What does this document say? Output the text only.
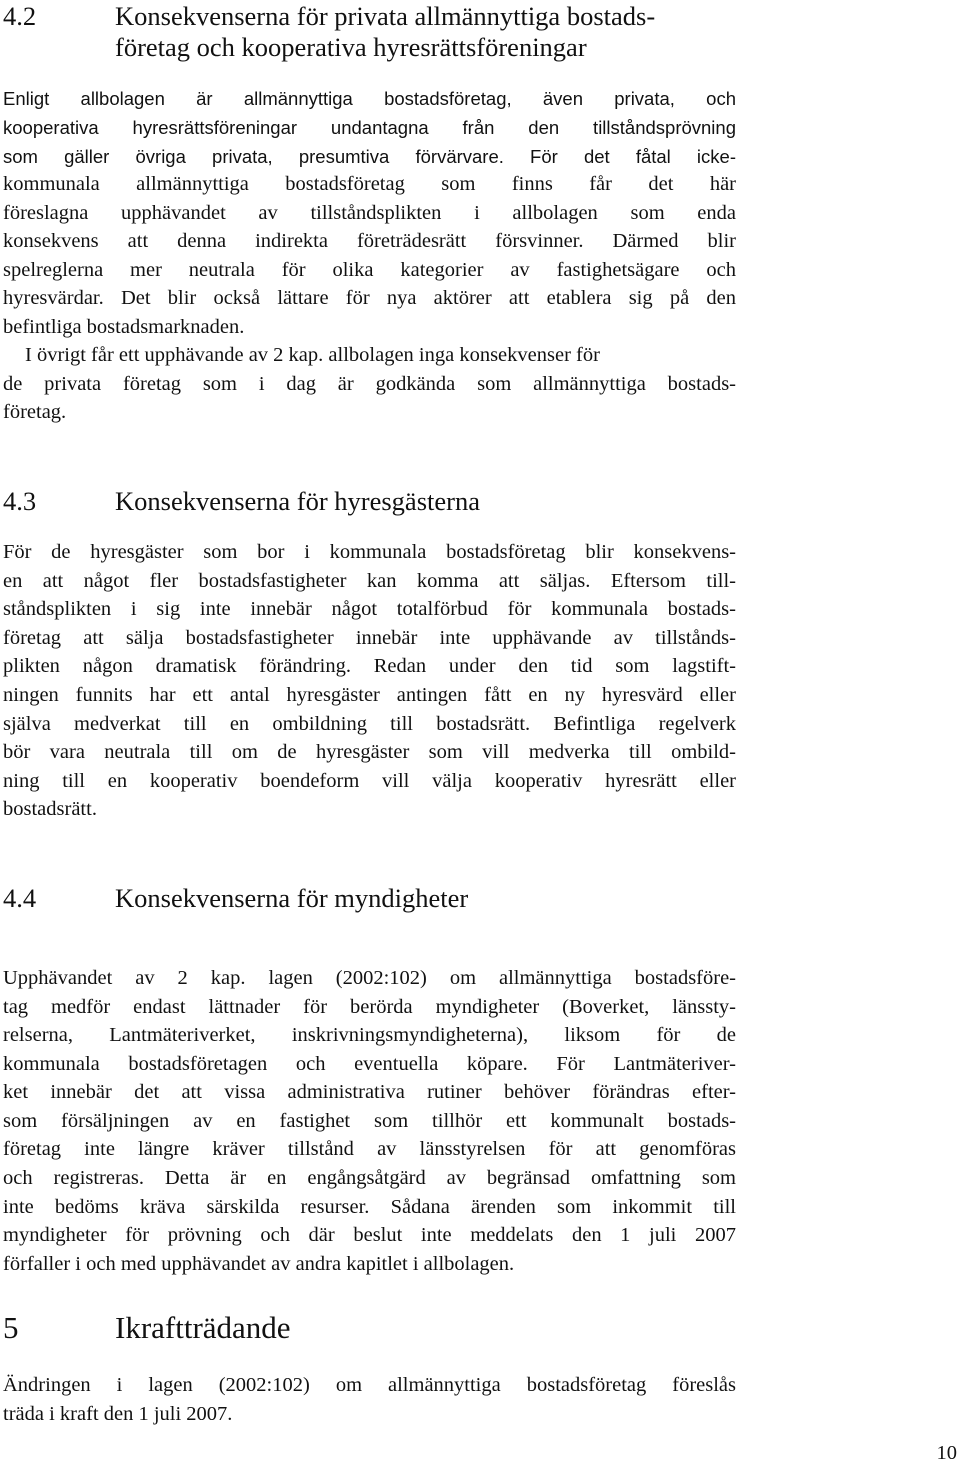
4.2	Konsekvenserna för privata allmännyttiga bostads-
företag och kooperativa hyresrättsföreningar

Enligt allbolagen är allmännyttiga bostadsföretag, även privata, och

kooperativa hyresrättsföreningar undantagna från den tillståndsprövning

som gäller övriga privata, presumtiva förvärvare. För det fåtal icke-

kommunala allmännyttiga bostadsföretag som finns får det här

föreslagna upphävandet av tillståndsplikten i allbolagen som enda

konsekvens att denna indirekta företrädesrätt försvinner. Därmed blir

spelreglerna mer neutrala för olika kategorier av fastighetsägare och

hyresvärdar. Det blir också lättare för nya aktörer att etablera sig på den

befintliga bostadsmarknaden.

I övrigt får ett upphävande av 2 kap. allbolagen inga konsekvenser för

de privata företag som i dag är godkända som allmännyttiga bostads-

företag.

4.3	Konsekvenserna för hyresgästerna

För de hyresgäster som bor i kommunala bostadsföretag blir konsekvens-

en att något fler bostadsfastigheter kan komma att säljas. Eftersom till-

ståndsplikten i sig inte innebär något totalförbud för kommunala bostads-

företag att sälja bostadsfastigheter innebär inte upphävande av tillstånds-

plikten någon dramatisk förändring. Redan under den tid som lagstift-

ningen funnits har ett antal hyresgäster antingen fått en ny hyresvärd eller

själva medverkat till en ombildning till bostadsrätt. Befintliga regelverk

bör vara neutrala till om de hyresgäster som vill medverka till ombild-

ning till en kooperativ boendeform vill välja kooperativ hyresrätt eller

bostadsrätt.

4.4	Konsekvenserna för myndigheter

Upphävandet av 2 kap. lagen (2002:102) om allmännyttiga bostadsföre-

tag medför endast lättnader för berörda myndigheter (Boverket, länssty-

relserna, Lantmäteriverket, inskrivningsmyndigheterna), liksom för de

kommunala bostadsföretagen och eventuella köpare. För Lantmäteriver-

ket innebär det att vissa administrativa rutiner behöver förändras efter-

som försäljningen av en fastighet som tillhör ett kommunalt bostads-

företag inte längre kräver tillstånd av länsstyrelsen för att genomföras

och registreras. Detta är en engångsåtgärd av begränsad omfattning som

inte bedöms kräva särskilda resurser. Sådana ärenden som inkommit till

myndigheter för prövning och där beslut inte meddelats den 1 juli 2007

förfaller i och med upphävandet av andra kapitlet i allbolagen.

5	Ikraftträdande

Ändringen i lagen (2002:102) om allmännyttiga bostadsföretag föreslås

träda i kraft den 1 juli 2007.

10
